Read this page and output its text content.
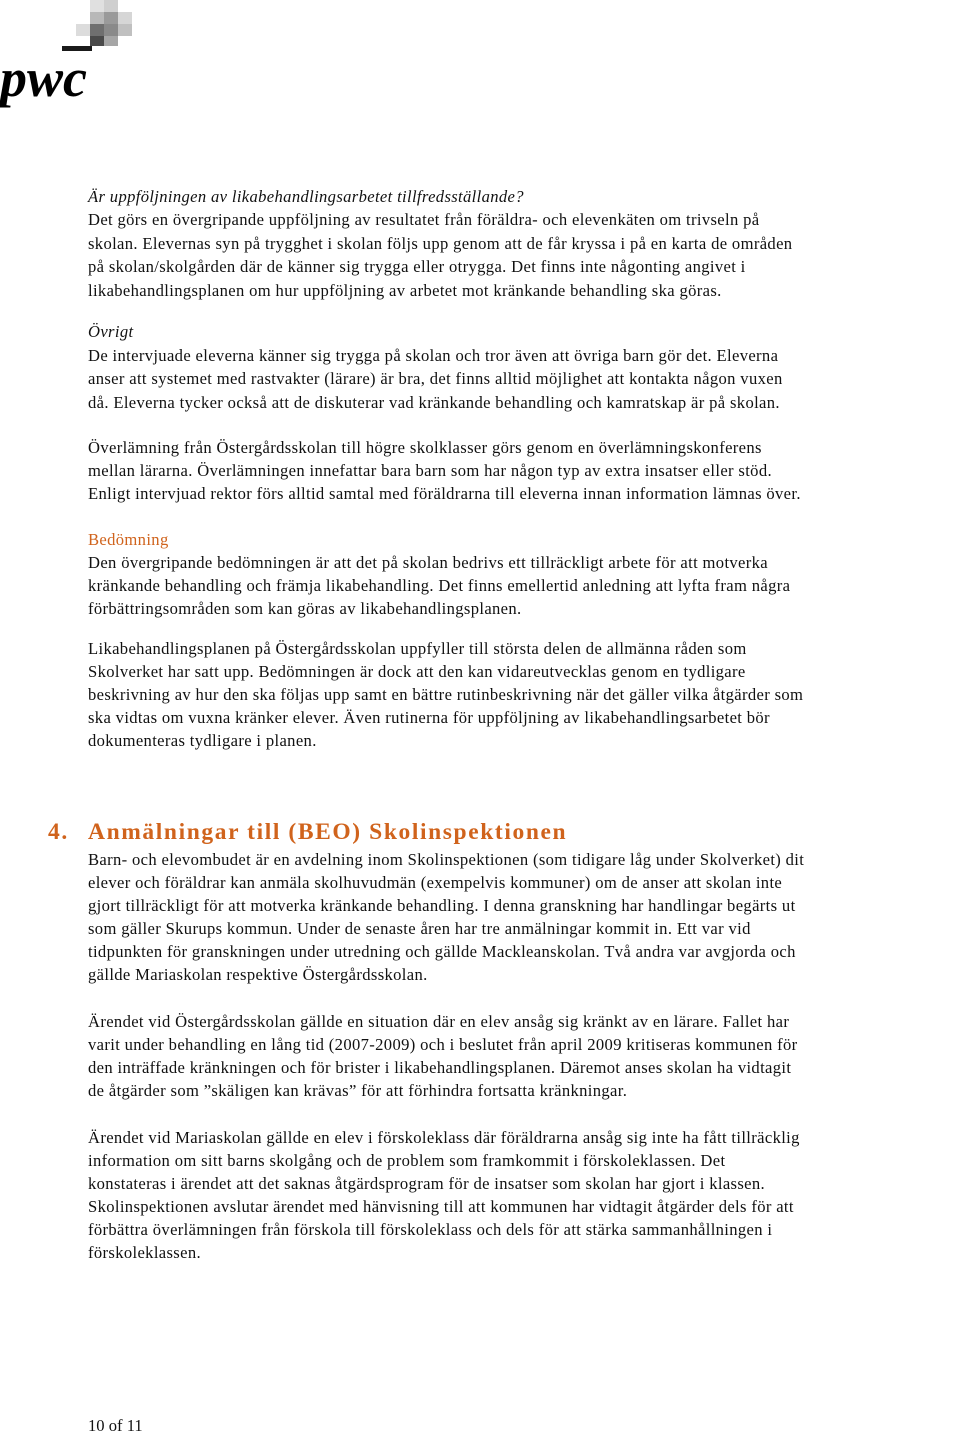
pwc
Är uppföljningen av likabehandlingsarbetet tillfredsställande?
Det görs en övergripande uppföljning av resultatet från föräldra- och elevenkäten om trivseln på
skolan. Elevernas syn på trygghet i skolan följs upp genom att de får kryssa i på en karta de områden
på skolan/skolgården där de känner sig trygga eller otrygga. Det finns inte någonting angivet i
likabehandlingsplanen om hur uppföljning av arbetet mot kränkande behandling ska göras.
Övrigt
De intervjuade eleverna känner sig trygga på skolan och tror även att övriga barn gör det. Eleverna
anser att systemet med rastvakter (lärare) är bra, det finns alltid möjlighet att kontakta någon vuxen
då. Eleverna tycker också att de diskuterar vad kränkande behandling och kamratskap är på skolan.
Överlämning från Östergårdsskolan till högre skolklasser görs genom en överlämningskonferens
mellan lärarna. Överlämningen innefattar bara barn som har någon typ av extra insatser eller stöd.
Enligt intervjuad rektor förs alltid samtal med föräldrarna till eleverna innan information lämnas över.
Bedömning
Den övergripande bedömningen är att det på skolan bedrivs ett tillräckligt arbete för att motverka
kränkande behandling och främja likabehandling. Det finns emellertid anledning att lyfta fram några
förbättringsområden som kan göras av likabehandlingsplanen.
Likabehandlingsplanen på Östergårdsskolan uppfyller till största delen de allmänna råden som
Skolverket har satt upp. Bedömningen är dock att den kan vidareutvecklas genom en tydligare
beskrivning av hur den ska följas upp samt en bättre rutinbeskrivning när det gäller vilka åtgärder som
ska vidtas om vuxna kränker elever. Även rutinerna för uppföljning av likabehandlingsarbetet bör
dokumenteras tydligare i planen.
4. Anmälningar till (BEO) Skolinspektionen
Barn- och elevombudet är en avdelning inom Skolinspektionen (som tidigare låg under Skolverket) dit
elever och föräldrar kan anmäla skolhuvudmän (exempelvis kommuner) om de anser att skolan inte
gjort tillräckligt för att motverka kränkande behandling. I denna granskning har handlingar begärts ut
som gäller Skurups kommun. Under de senaste åren har tre anmälningar kommit in. Ett var vid
tidpunkten för granskningen under utredning och gällde Mackleanskolan. Två andra var avgjorda och
gällde Mariaskolan respektive Östergårdsskolan.
Ärendet vid Östergårdsskolan gällde en situation där en elev ansåg sig kränkt av en lärare. Fallet har
varit under behandling en lång tid (2007-2009) och i beslutet från april 2009 kritiseras kommunen för
den inträffade kränkningen och för brister i likabehandlingsplanen. Däremot anses skolan ha vidtagit
de åtgärder som ”skäligen kan krävas” för att förhindra fortsatta kränkningar.
Ärendet vid Mariaskolan gällde en elev i förskoleklass där föräldrarna ansåg sig inte ha fått tillräcklig
information om sitt barns skolgång och de problem som framkommit i förskoleklassen. Det
konstateras i ärendet att det saknas åtgärdsprogram för de insatser som skolan har gjort i klassen.
Skolinspektionen avslutar ärendet med hänvisning till att kommunen har vidtagit åtgärder dels för att
förbättra överlämningen från förskola till förskoleklass och dels för att stärka sammanhållningen i
förskoleklassen.
10 of 11
